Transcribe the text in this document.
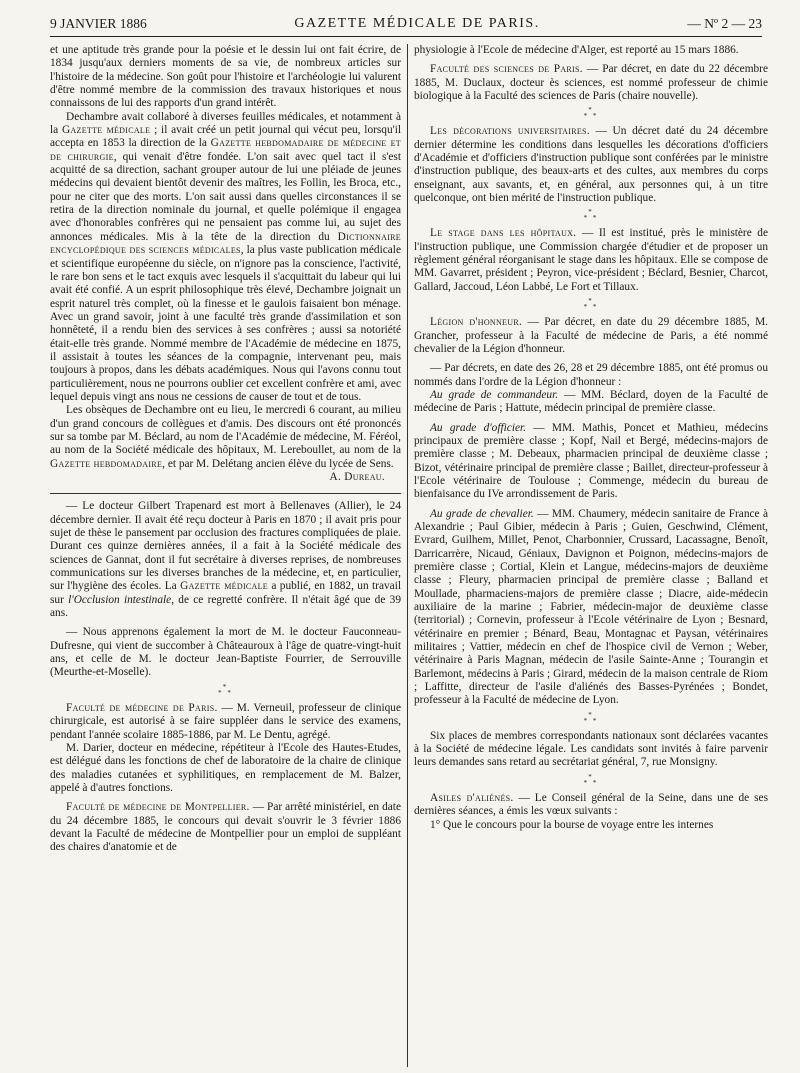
9 JANVIER 1886	GAZETTE MÉDICALE DE PARIS.	— Nº 2 — 23

et une aptitude très grande pour la poésie et le dessin lui ont fait écrire, de 1834 jusqu'aux derniers moments de sa vie, de nombreux articles sur l'histoire de la médecine. Son goût pour l'histoire et l'archéologie lui valurent d'être nommé membre de la commission des travaux historiques et nous connaissons de lui des rapports d'un grand intérêt.

Dechambre avait collaboré à diverses feuilles médicales, et notamment à la Gazette médicale ; il avait créé un petit journal qui vécut peu, lorsqu'il accepta en 1853 la direction de la Gazette hebdomadaire de médecine et de chirurgie, qui venait d'être fondée. L'on sait avec quel tact il s'est acquitté de sa direction, sachant grouper autour de lui une pléiade de jeunes médecins qui devaient bientôt devenir des maîtres, les Follin, les Broca, etc., pour ne citer que des morts. L'on sait aussi dans quelles circonstances il se retira de la direction nominale du journal, et quelle polémique il engagea avec d'honorables confrères qui ne pensaient pas comme lui, au sujet des annonces médicales. Mis à la tête de la direction du Dictionnaire encyclopédique des sciences médicales, la plus vaste publication médicale et scientifique européenne du siècle, on n'ignore pas la conscience, l'activité, le rare bon sens et le tact exquis avec lesquels il s'acquittait du labeur qui lui avait été confié. A un esprit philosophique très élevé, Dechambre joignait un esprit naturel très complet, où la finesse et le gaulois faisaient bon ménage. Avec un grand savoir, joint à une faculté très grande d'assimilation et son honnêteté, il a rendu bien des services à ses confrères ; aussi sa notoriété était-elle très grande. Nommé membre de l'Académie de médecine en 1875, il assistait à toutes les séances de la compagnie, intervenant peu, mais toujours à propos, dans les débats académiques. Nous qui l'avons connu tout particulièrement, nous ne pourrons oublier cet excellent confrère et ami, avec lequel depuis vingt ans nous ne cessions de causer de tout et de tous.

Les obsèques de Dechambre ont eu lieu, le mercredi 6 courant, au milieu d'un grand concours de collègues et d'amis. Des discours ont été prononcés sur sa tombe par M. Béclard, au nom de l'Académie de médecine, M. Féréol, au nom de la Société médicale des hôpitaux, M. Lereboullet, au nom de la Gazette hebdomadaire, et par M. Delétang ancien élève du lycée de Sens.

A. Dureau.

— Le docteur Gilbert Trapenard est mort à Bellenaves (Allier), le 24 décembre dernier. Il avait été reçu docteur à Paris en 1870 ; il avait pris pour sujet de thèse le pansement par occlusion des fractures compliquées de plaie. Durant ces quinze dernières années, il a fait à la Société médicale des sciences de Gannat, dont il fut secrétaire à diverses reprises, de nombreuses communications sur les diverses branches de la médecine, et, en particulier, sur l'hygiène des écoles. La Gazette médicale a publié, en 1882, un travail sur l'Occlusion intestinale, de ce regretté confrère. Il n'était âgé que de 39 ans.

— Nous apprenons également la mort de M. le docteur Fauconneau-Dufresne, qui vient de succomber à Châteauroux à l'âge de quatre-vingt-huit ans, et celle de M. le docteur Jean-Baptiste Fourrier, de Serrouville (Meurthe-et-Moselle).

*
* *

Faculté de médecine de Paris. — M. Verneuil, professeur de clinique chirurgicale, est autorisé à se faire suppléer dans le service des examens, pendant l'année scolaire 1885-1886, par M. Le Dentu, agrégé.

M. Darier, docteur en médecine, répétiteur à l'Ecole des Hautes-Etudes, est délégué dans les fonctions de chef de laboratoire de la chaire de clinique des maladies cutanées et syphilitiques, en remplacement de M. Balzer, appelé à d'autres fonctions.

Faculté de médecine de Montpellier. — Par arrêté ministériel, en date du 24 décembre 1885, le concours qui devait s'ouvrir le 3 février 1886 devant la Faculté de médecine de Montpellier pour un emploi de suppléant des chaires d'anatomie et de

physiologie à l'Ecole de médecine d'Alger, est reporté au 15 mars 1886.

Faculté des sciences de Paris. — Par décret, en date du 22 décembre 1885, M. Duclaux, docteur ès sciences, est nommé professeur de chimie biologique à la Faculté des sciences de Paris (chaire nouvelle).

*
* *

Les décorations universitaires. — Un décret daté du 24 décembre dernier détermine les conditions dans lesquelles les décorations d'officiers d'Académie et d'officiers d'instruction publique sont conférées par le ministre d'instruction publique, des beaux-arts et des cultes, aux membres du corps enseignant, aux savants, et, en général, aux personnes qui, à un titre quelconque, ont bien mérité de l'instruction publique.

*
* *

Le stage dans les hôpitaux. — Il est institué, près le ministère de l'instruction publique, une Commission chargée d'étudier et de proposer un règlement général réorganisant le stage dans les hôpitaux. Elle se compose de MM. Gavarret, président ; Peyron, vice-président ; Béclard, Besnier, Charcot, Gallard, Jaccoud, Léon Labbé, Le Fort et Tillaux.

*
* *

Légion d'honneur. — Par décret, en date du 29 décembre 1885, M. Grancher, professeur à la Faculté de médecine de Paris, a été nommé chevalier de la Légion d'honneur.

— Par décrets, en date des 26, 28 et 29 décembre 1885, ont été promus ou nommés dans l'ordre de la Légion d'honneur :

Au grade de commandeur. — MM. Béclard, doyen de la Faculté de médecine de Paris ; Hattute, médecin principal de première classe.

Au grade d'officier. — MM. Mathis, Poncet et Mathieu, médecins principaux de première classe ; Kopf, Nail et Bergé, médecins-majors de première classe ; M. Debeaux, pharmacien principal de deuxième classe ; Bizot, vétérinaire principal de première classe ; Baillet, directeur-professeur à l'Ecole vétérinaire de Toulouse ; Commenge, médecin du bureau de bienfaisance du IVe arrondissement de Paris.

Au grade de chevalier. — MM. Chaumery, médecin sanitaire de France à Alexandrie ; Paul Gibier, médecin à Paris ; Guien, Geschwind, Clément, Evrard, Guilhem, Millet, Penot, Charbonnier, Crussard, Lacassagne, Benoît, Darricarrère, Nicaud, Géniaux, Davignon et Poignon, médecins-majors de première classe ; Cortial, Klein et Langue, médecins-majors de deuxième classe ; Fleury, pharmacien principal de première classe ; Balland et Moullade, pharmaciens-majors de première classe ; Diacre, aide-médecin auxiliaire de la marine ; Fabrier, médecin-major de deuxième classe (territorial) ; Cornevin, professeur à l'Ecole vétérinaire de Lyon ; Besnard, vétérinaire en premier ; Bénard, Beau, Montagnac et Paysan, vétérinaires militaires ; Vattier, médecin en chef de l'hospice civil de Vernon ; Weber, vétérinaire à Paris Magnan, médecin de l'asile Sainte-Anne ; Tourangin et Barlemont, médecins à Paris ; Girard, médecin de la maison centrale de Riom ; Laffitte, directeur de l'asile d'aliénés des Basses-Pyrénées ; Bondet, professeur à la Faculté de médecine de Lyon.

*
* *

Six places de membres correspondants nationaux sont déclarées vacantes à la Société de médecine légale. Les candidats sont invités à faire parvenir leurs demandes sans retard au secrétariat général, 7, rue Monsigny.

*
* *

Asiles d'aliénés. — Le Conseil général de la Seine, dans une de ses dernières séances, a émis les vœux suivants :

1° Que le concours pour la bourse de voyage entre les internes
